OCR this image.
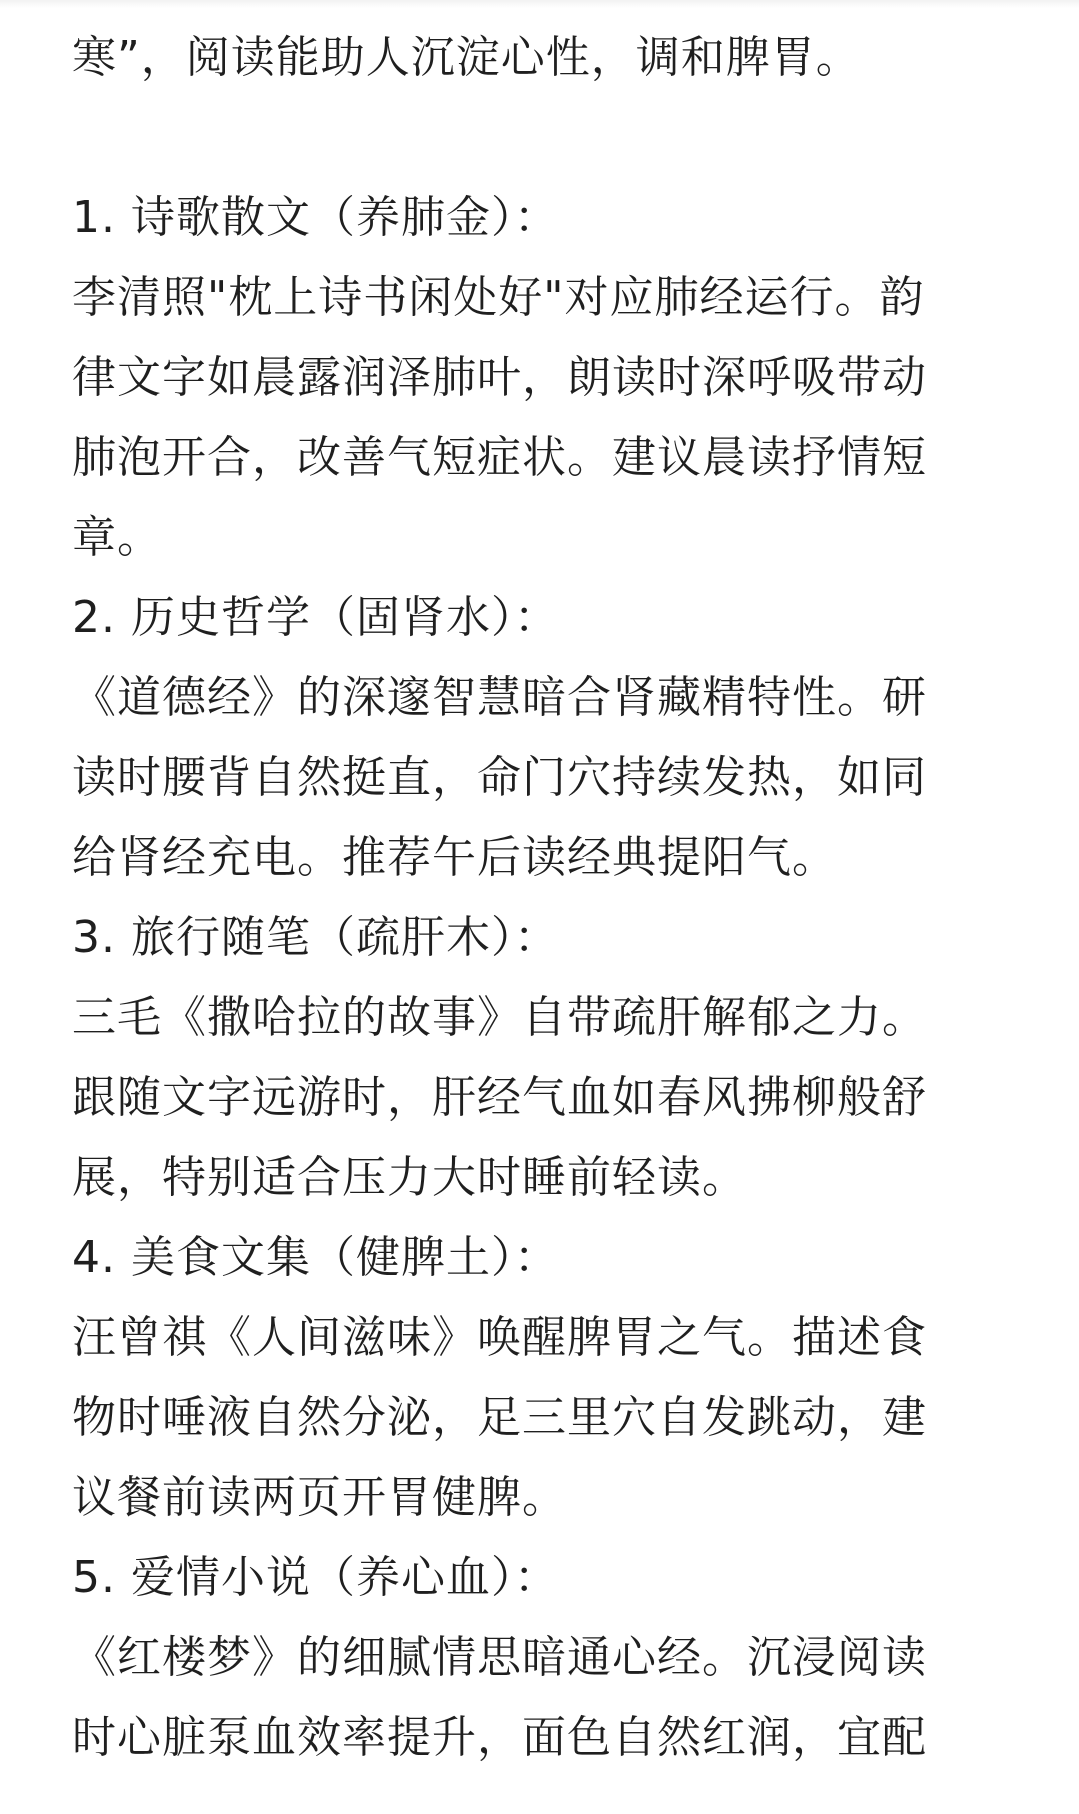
寒”，阅读能助人沉淀心性，调和脾胃。
1. 诗歌散文（养肺金）：
李清照"枕上诗书闲处好"对应肺经运行。韵
律文字如晨露润泽肺叶，朗读时深呼吸带动
肺泡开合，改善气短症状。建议晨读抒情短
章。
2. 历史哲学（固肾水）：
《道德经》的深邃智慧暗合肾藏精特性。研
读时腰背自然挺直，命门穴持续发热，如同
给肾经充电。推荐午后读经典提阳气。
3. 旅行随笔（疏肝木）：
三毛《撒哈拉的故事》自带疏肝解郁之力。
跟随文字远游时，肝经气血如春风拂柳般舒
展，特别适合压力大时睡前轻读。
4. 美食文集（健脾土）：
汪曾祺《人间滋味》唤醒脾胃之气。描述食
物时唾液自然分泌，足三里穴自发跳动，建
议餐前读两页开胃健脾。
5. 爱情小说（养心血）：
《红楼梦》的细腻情思暗通心经。沉浸阅读
时心脏泵血效率提升，面色自然红润，宜配
